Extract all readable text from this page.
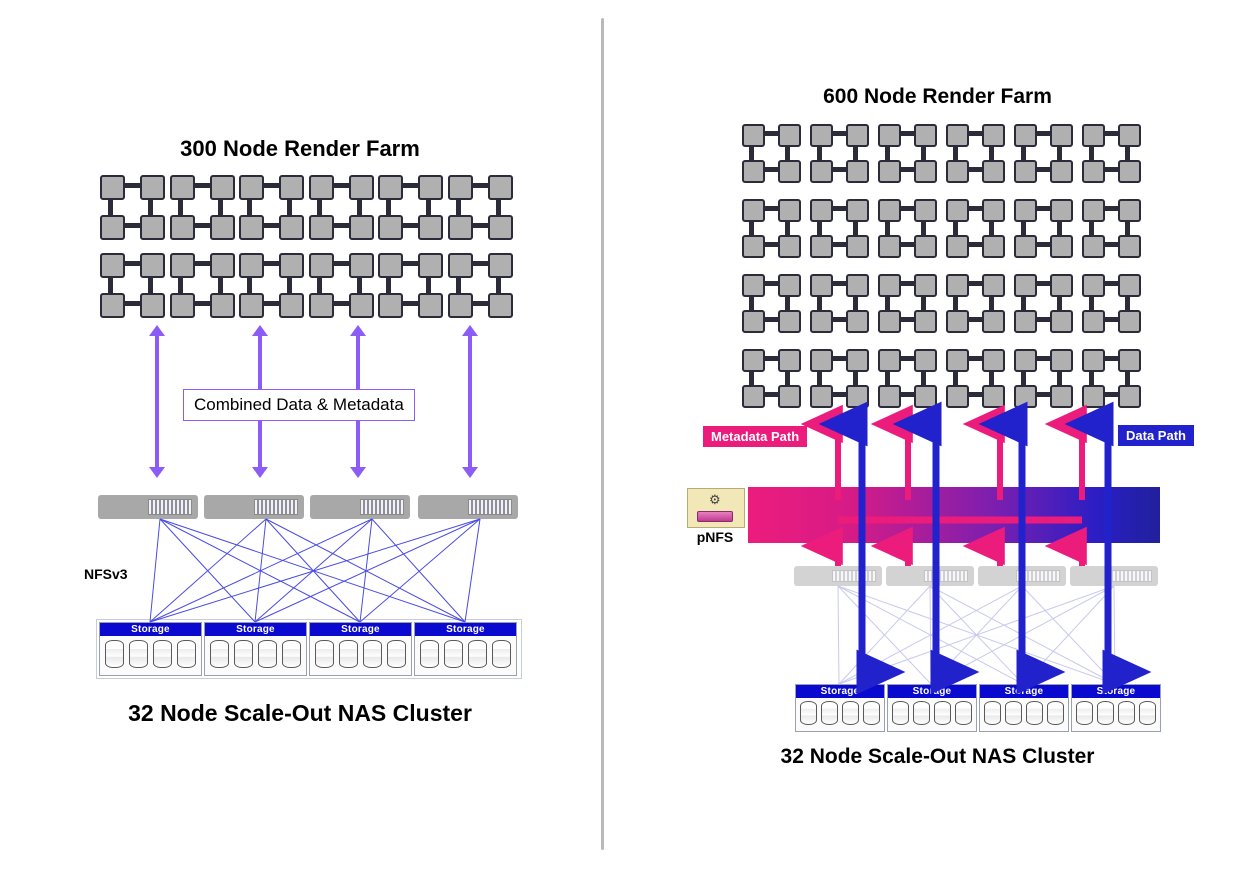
300 Node Render Farm
Combined Data & Metadata
NFSv3
Storage	Storage	Storage	Storage
32 Node Scale-Out NAS Cluster
600 Node Render Farm
Metadata Path	Data Path
⚙
pNFS
Storage	Storage	Storage	Storage
32 Node Scale-Out NAS Cluster
